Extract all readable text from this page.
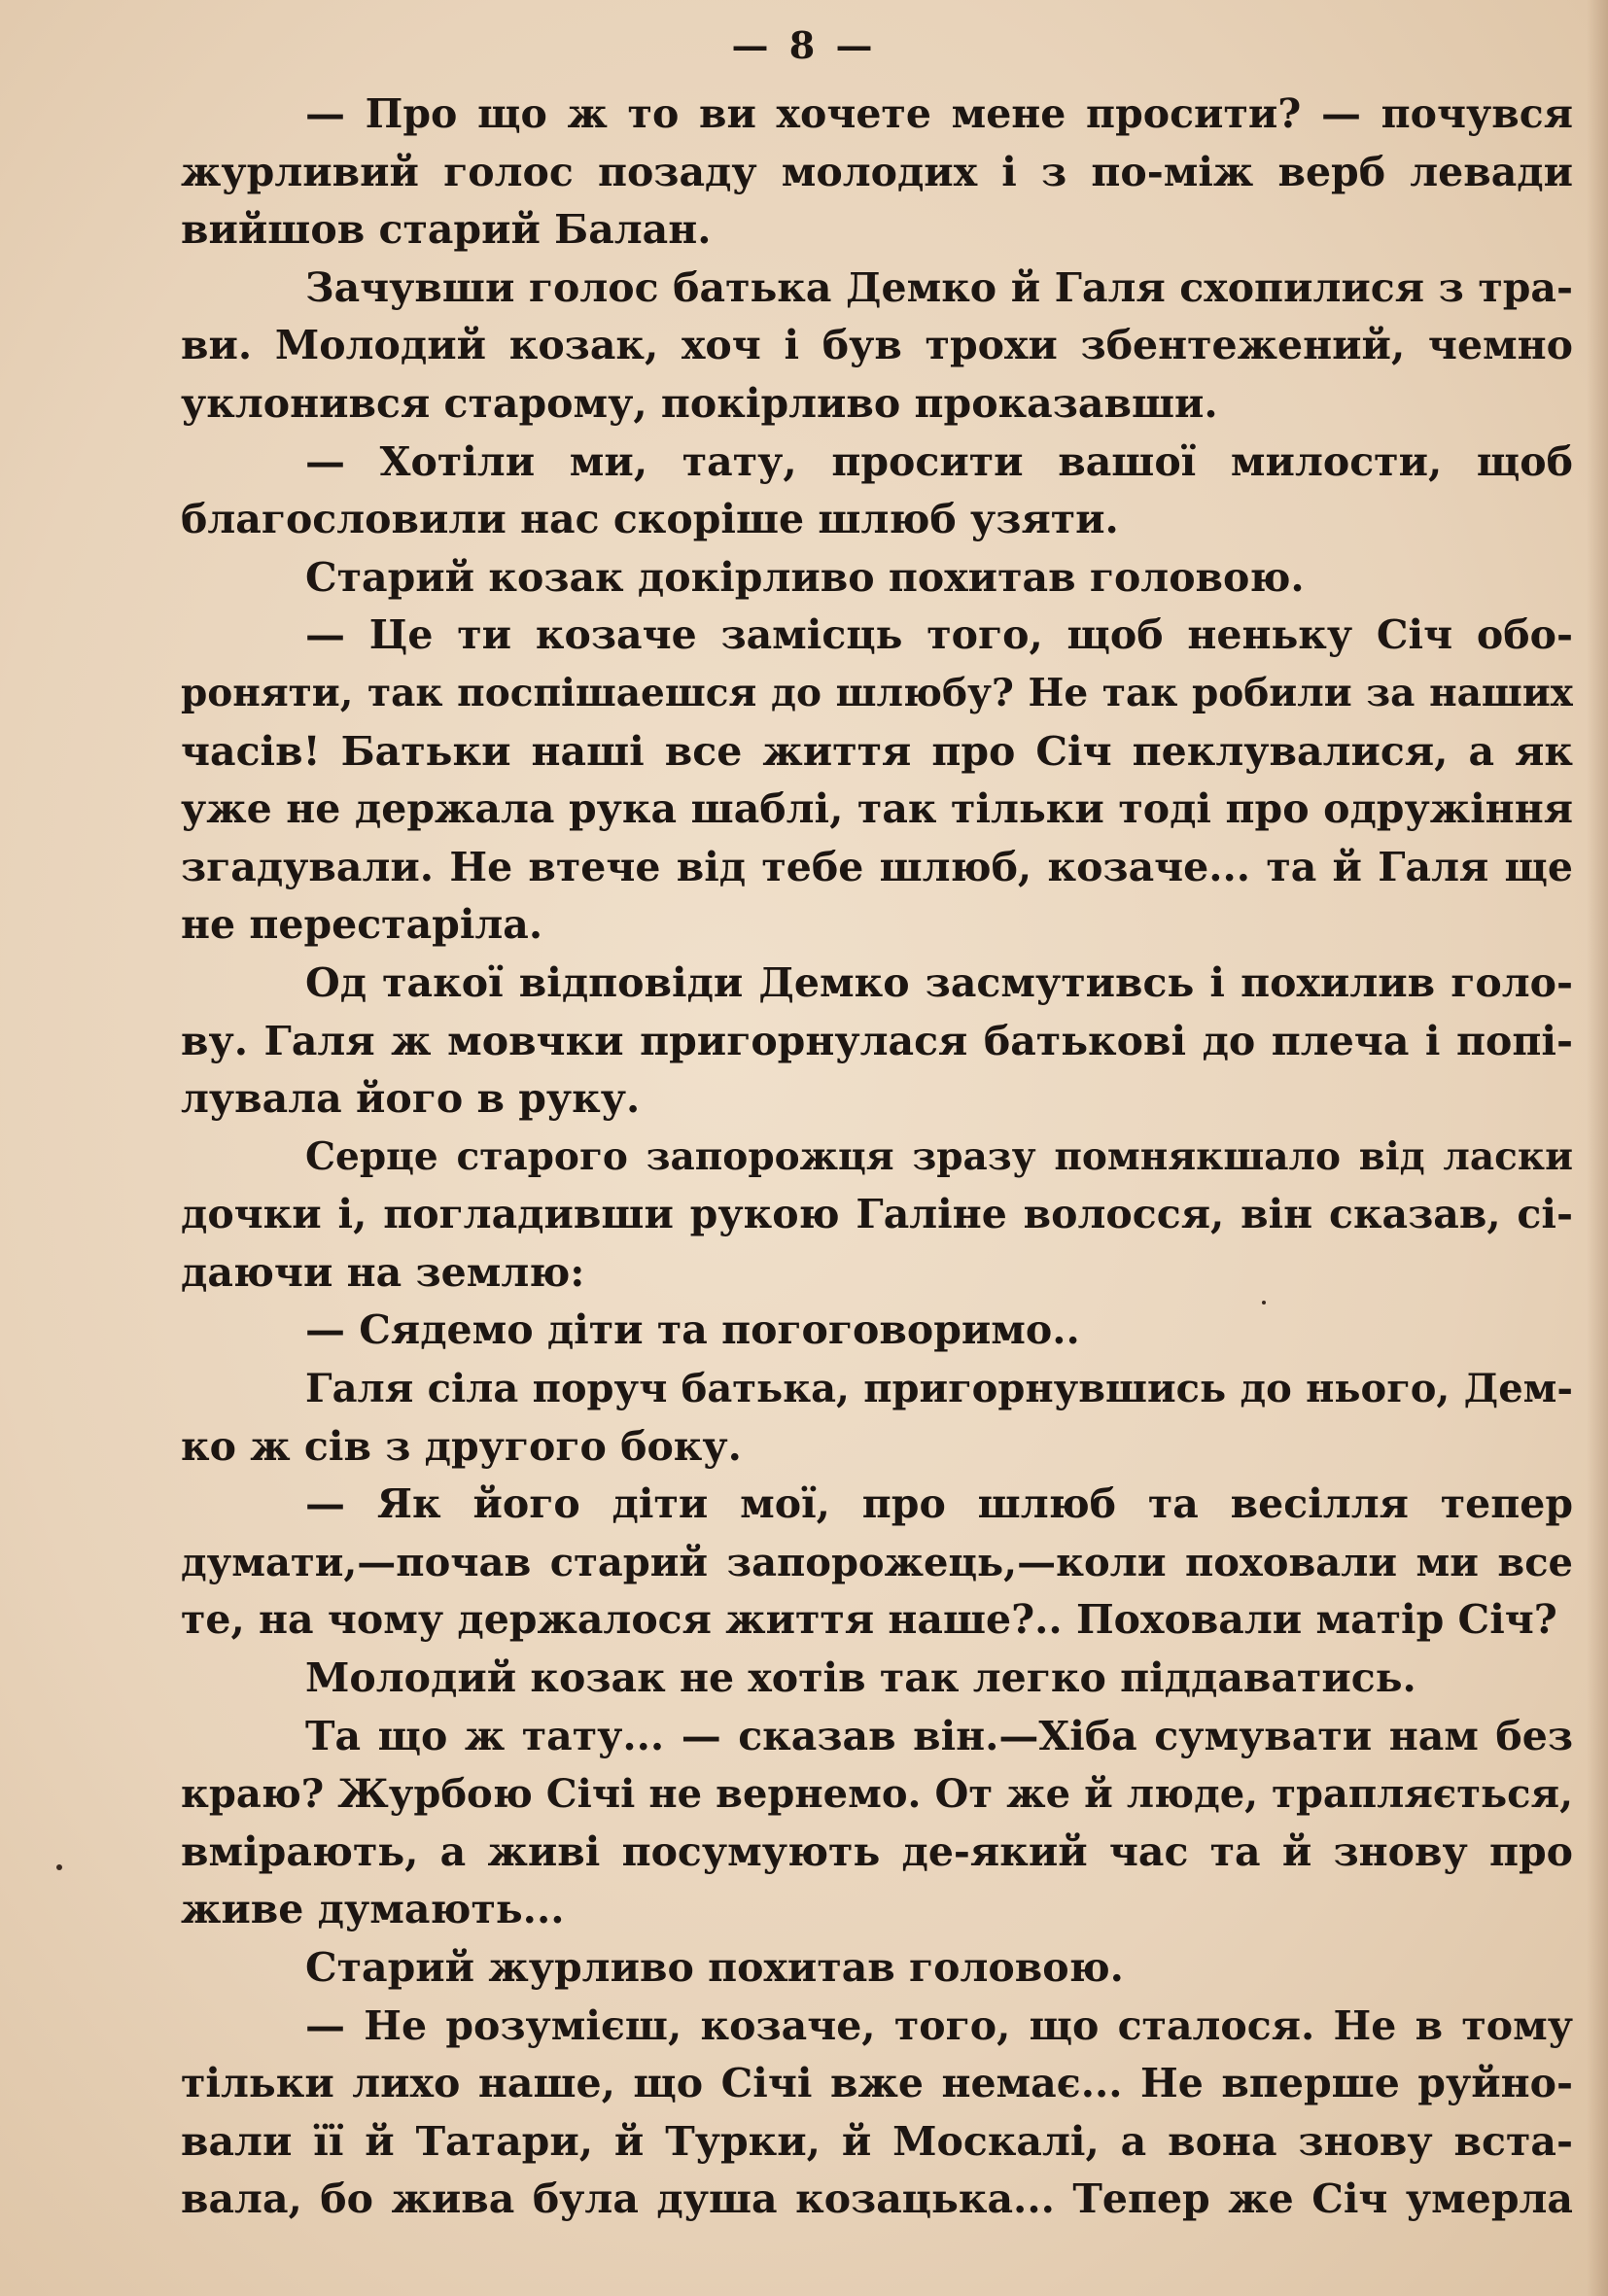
— 8 —
— Про що ж то ви хочете мене просити? — почувся
журливий голос позаду молодих і з по-між верб левади
вийшов старий Балан.
Зачувши голос батька Демко й Галя схопилися з тра-
ви. Молодий козак, хоч і був трохи збентежений, чемно
уклонився старому, покірливо проказавши.
— Хотіли ми, тату, просити вашої милости, щоб
благословили нас скоріше шлюб узяти.
Старий козак докірливо похитав головою.
— Це ти козаче замісць того, щоб неньку Січ обо-
роняти, так поспішаешся до шлюбу? Не так робили за наших
часів! Батьки наші все життя про Січ пеклувалися, а як
уже не держала рука шаблі, так тільки тоді про одружіння
згадували. Не втече від тебе шлюб, козаче... та й Галя ще
не перестаріла.
Од такої відповіди Демко засмутивсь і похилив голо-
ву. Галя ж мовчки пригорнулася батькові до плеча і попі-
лувала його в руку.
Серце старого запорожця зразу помнякшало від ласки
дочки і, погладивши рукою Галіне волосся, він сказав, сі-
даючи на землю:
— Сядемо діти та погоговоримо..
Галя сіла поруч батька, пригорнувшись до нього, Дем-
ко ж сів з другого боку.
— Як його діти мої, про шлюб та весілля тепер
думати,—почав старий запорожець,—коли поховали ми все
те, на чому держалося життя наше?.. Поховали матір Січ?
Молодий козак не хотів так легко піддаватись.
Та що ж тату... — сказав він.—Хіба сумувати нам без
краю? Журбою Січі не вернемо. От же й люде, трапляється,
вмірають, а живі посумують де-який час та й знову про
живе думають...
Старий журливо похитав головою.
— Не розумієш, козаче, того, що сталося. Не в тому
тільки лихо наше, що Січі вже немає... Не вперше руйно-
вали її й Татари, й Турки, й Москалі, а вона знову вста-
вала, бо жива була душа козацька... Тепер же Січ умерла
